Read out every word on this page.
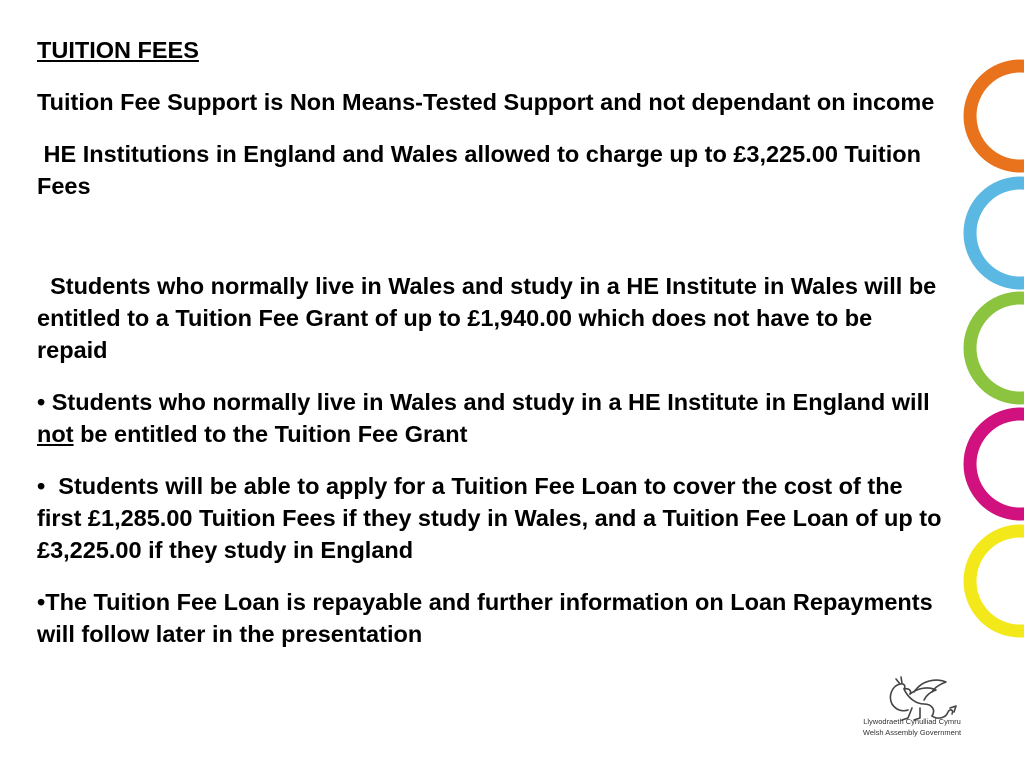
TUITION FEES

Tuition Fee Support is Non Means-Tested Support and not dependant on income

HE Institutions in England and Wales allowed to charge up to £3,225.00 Tuition Fees

Students who normally live in Wales and study in a HE Institute in Wales will be entitled to a Tuition Fee Grant of up to £1,940.00 which does not have to be repaid

• Students who normally live in Wales and study in a HE Institute in England will not be entitled to the Tuition Fee Grant

•  Students will be able to apply for a Tuition Fee Loan to cover the cost of the first £1,285.00 Tuition Fees if they study in Wales, and a Tuition Fee Loan of up to £3,225.00 if they study in England

•The Tuition Fee Loan is repayable and further information on Loan Repayments will follow later in the presentation

Llywodraeth Cynulliad Cymru
Welsh Assembly Government
